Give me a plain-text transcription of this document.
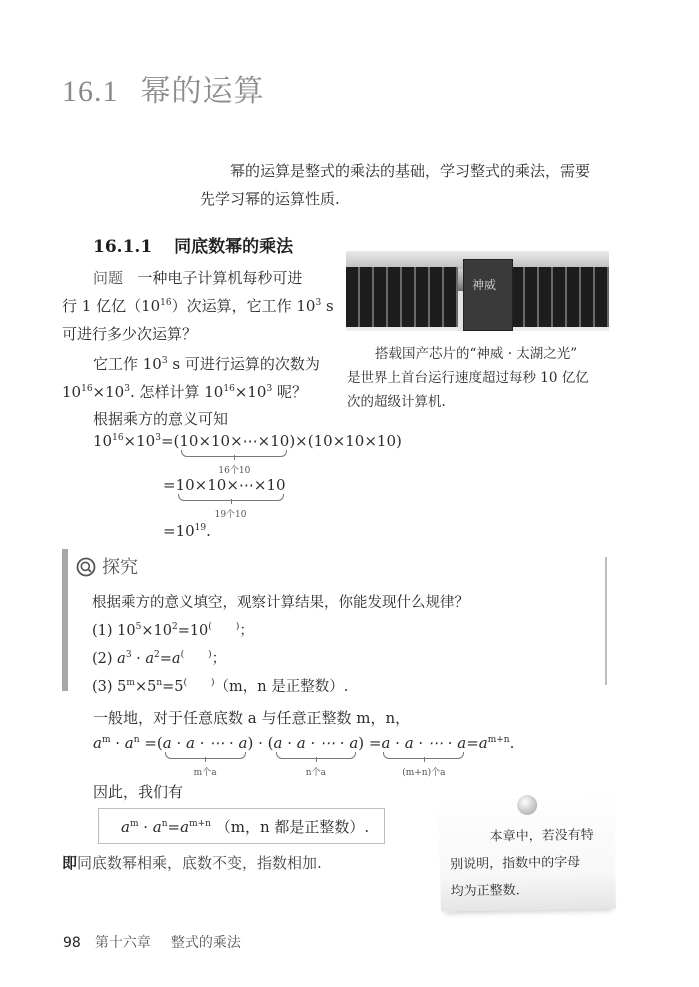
16.1 幂的运算

幂的运算是整式的乘法的基础，学习整式的乘法，需要

先学习幂的运算性质.

16.1.1 同底数幂的乘法
问题 一种电子计算机每秒可进
行 1 亿亿$(10^{16})$次运算，它工作 $10^3$ s
可进行多少次运算？
它工作 $10^3$ s 可进行运算的次数为
$10^{16}\times 10^3$. 怎样计算 $10^{16}\times 10^3$ 呢？
根据乘方的意义可知
神威

搭载国产芯片的“神威 · 太湖之光”

是世界上首台运行速度超过每秒 10 亿亿

次的超级计算机.

$10^{16}\times 10^3=(10\times 10\times\cdots\times 10$
16个10
)×(10×10×10)
=10×10×⋯×10
19个10
$=10^{19}$.
探究
根据乘方的意义填空，观察计算结果，你能发现什么规律？
(1) $10^5\times 10^2=10^{( )}$；
(2) $a^3 \cdot a^2=a^{( )}$；
(3) $5^m\times 5^n=5^{( )}(m$，n 是正整数）.
一般地，对于任意底数 a 与任意正整数 m，n，
$a^m \cdot a^n =(a \cdot a$ · ⋯ · a
m个a
) · (a · a · ⋯ · a
n个a
) =a · a · ⋯ · a
(m+n)个a
$=a^{m+n}$.
因此，我们有
$a^m \cdot a^n=a^{m+n}$ （m，n 都是正整数）.
即同底数幂相乘，底数不变，指数相加.

本章中，若没有特

别说明，指数中的字母

均为正整数.

98 第十六章 整式的乘法
